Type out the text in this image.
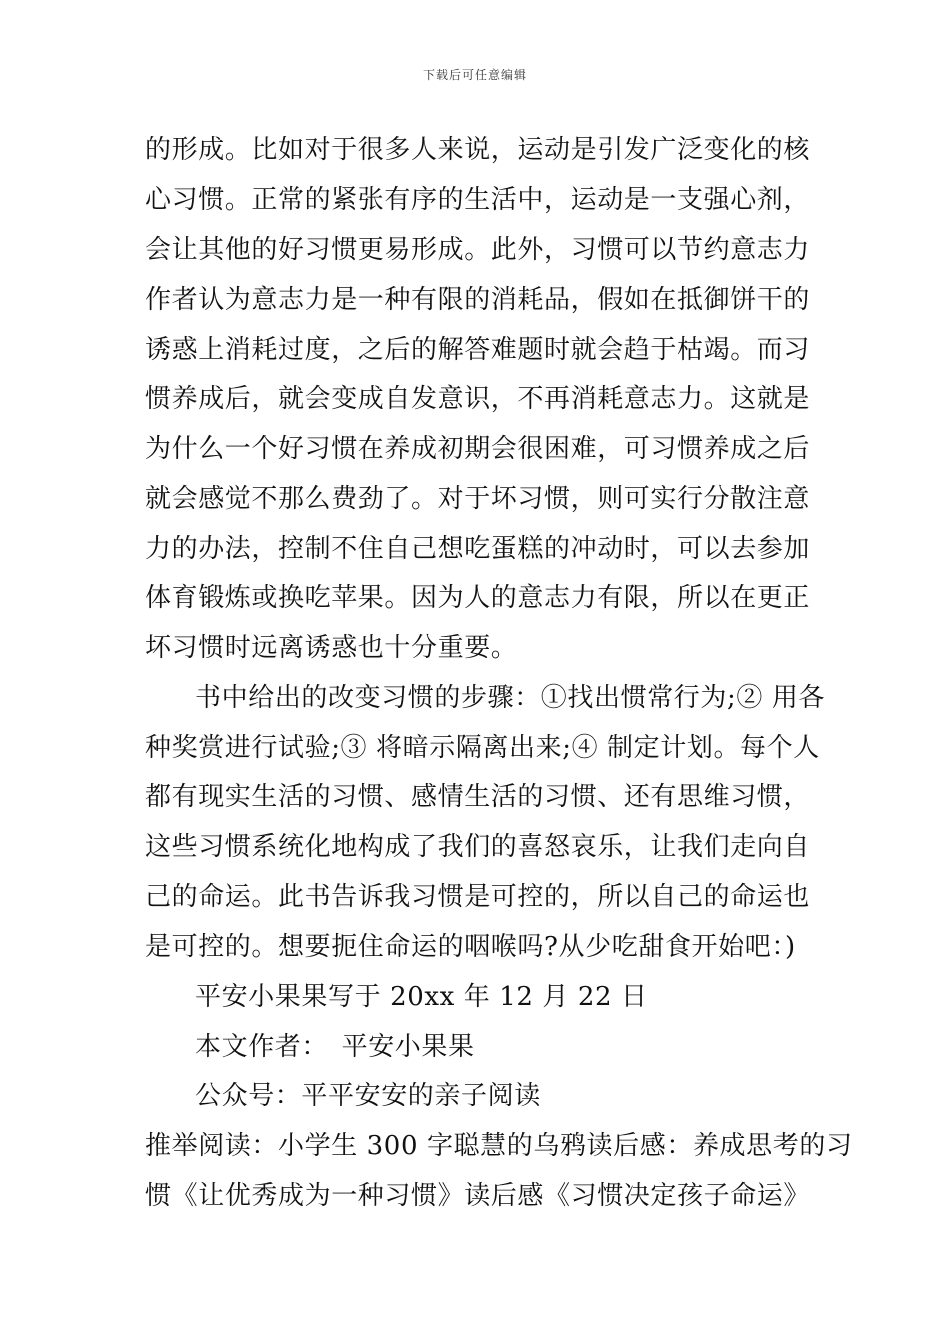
下载后可任意编辑
的形成。比如对于很多人来说，运动是引发广泛变化的核
心习惯。正常的紧张有序的生活中，运动是一支强心剂，
会让其他的好习惯更易形成。此外，习惯可以节约意志力
作者认为意志力是一种有限的消耗品，假如在抵御饼干的
诱惑上消耗过度，之后的解答难题时就会趋于枯竭。而习
惯养成后，就会变成自发意识，不再消耗意志力。这就是
为什么一个好习惯在养成初期会很困难，可习惯养成之后
就会感觉不那么费劲了。对于坏习惯，则可实行分散注意
力的办法，控制不住自己想吃蛋糕的冲动时，可以去参加
体育锻炼或换吃苹果。因为人的意志力有限，所以在更正
坏习惯时远离诱惑也十分重要。
书中给出的改变习惯的步骤：①找出惯常行为;② 用各
种奖赏进行试验;③ 将暗示隔离出来;④ 制定计划。每个人
都有现实生活的习惯、感情生活的习惯、还有思维习惯，
这些习惯系统化地构成了我们的喜怒哀乐，让我们走向自
己的命运。此书告诉我习惯是可控的，所以自己的命运也
是可控的。想要扼住命运的咽喉吗?从少吃甜食开始吧：)
平安小果果写于 20xx 年 12 月 22 日
本文作者：　平安小果果
公众号：平平安安的亲子阅读
推举阅读：小学生 300 字聪慧的乌鸦读后感：养成思考的习
惯《让优秀成为一种习惯》读后感《习惯决定孩子命运》
